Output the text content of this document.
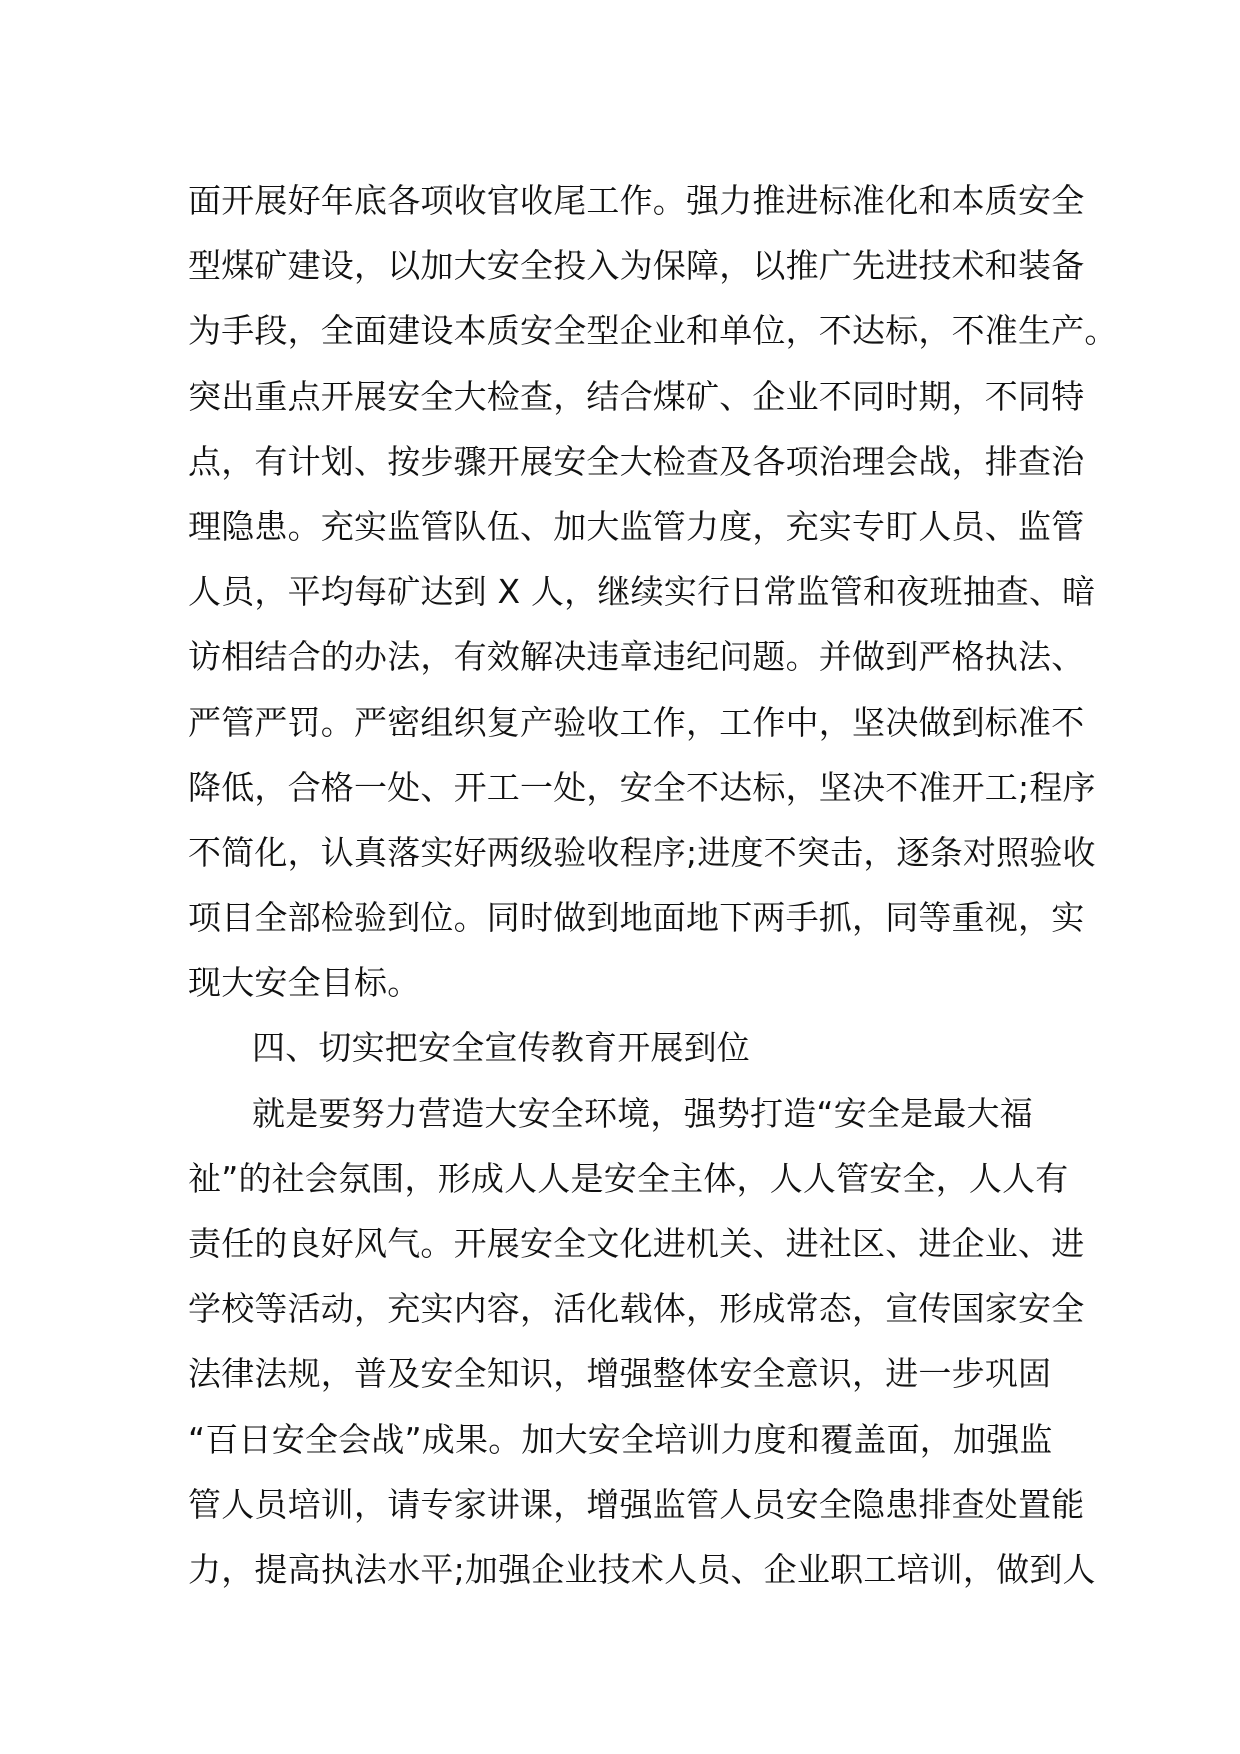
面开展好年底各项收官收尾工作。强力推进标准化和本质安全
型煤矿建设，以加大安全投入为保障，以推广先进技术和装备
为手段，全面建设本质安全型企业和单位，不达标，不准生产。
突出重点开展安全大检查，结合煤矿、企业不同时期，不同特
点，有计划、按步骤开展安全大检查及各项治理会战，排查治
理隐患。充实监管队伍、加大监管力度，充实专盯人员、监管
人员，平均每矿达到 X 人，继续实行日常监管和夜班抽查、暗
访相结合的办法，有效解决违章违纪问题。并做到严格执法、
严管严罚。严密组织复产验收工作，工作中，坚决做到标准不
降低，合格一处、开工一处，安全不达标，坚决不准开工;程序
不简化，认真落实好两级验收程序;进度不突击，逐条对照验收
项目全部检验到位。同时做到地面地下两手抓，同等重视，实
现大安全目标。
四、切实把安全宣传教育开展到位
就是要努力营造大安全环境，强势打造“安全是最大福
祉”的社会氛围，形成人人是安全主体，人人管安全，人人有
责任的良好风气。开展安全文化进机关、进社区、进企业、进
学校等活动，充实内容，活化载体，形成常态，宣传国家安全
法律法规，普及安全知识，增强整体安全意识，进一步巩固
“百日安全会战”成果。加大安全培训力度和覆盖面，加强监
管人员培训，请专家讲课，增强监管人员安全隐患排查处置能
力，提高执法水平;加强企业技术人员、企业职工培训，做到人
